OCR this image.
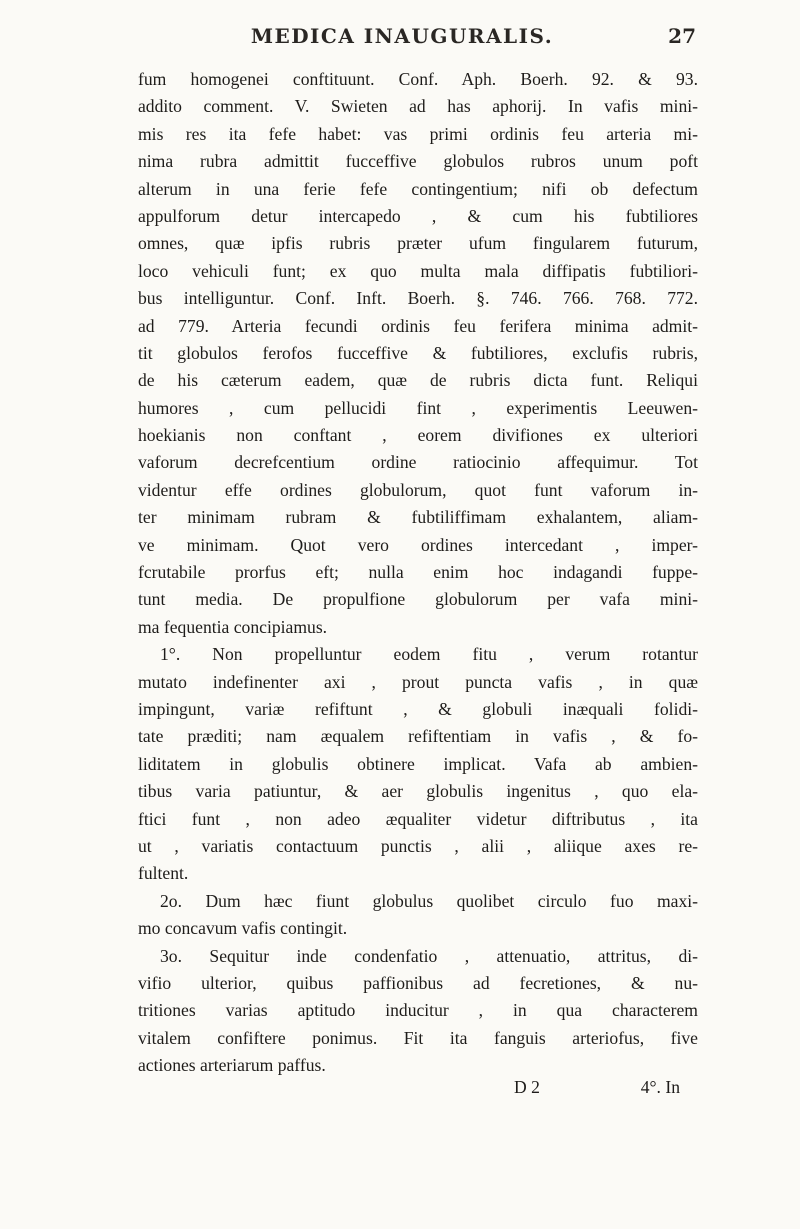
MEDICA INAUGURALIS.	27
fum homogenei conftituunt. Conf. Aph. Boerh. 92. & 93.
addito comment. V. Swieten ad has aphorij. In vafis mini-
mis res ita fefe habet: vas primi ordinis feu arteria mi-
nima rubra admittit fucceffive globulos rubros unum poft
alterum in una ferie fefe contingentium; nifi ob defectum
appulforum detur intercapedo , & cum his fubtiliores
omnes, quæ ipfis rubris præter ufum fingularem futurum,
loco vehiculi funt; ex quo multa mala diffipatis fubtiliori-
bus intelliguntur. Conf. Inft. Boerh. §. 746. 766. 768. 772.
ad 779. Arteria fecundi ordinis feu ferifera minima admit-
tit globulos ferofos fucceffive & fubtiliores, exclufis rubris,
de his cæterum eadem, quæ de rubris dicta funt. Reliqui
humores , cum pellucidi fint , experimentis Leeuwen-
hoekianis non conftant , eorem divifiones ex ulteriori
vaforum decrefcentium ordine ratiocinio affequimur. Tot
videntur effe ordines globulorum, quot funt vaforum in-
ter minimam rubram & fubtiliffimam exhalantem, aliam-
ve minimam. Quot vero ordines intercedant , imper-
fcrutabile prorfus eft; nulla enim hoc indagandi fuppe-
tunt media. De propulfione globulorum per vafa mini-
ma fequentia concipiamus.
1°. Non propelluntur eodem fitu , verum rotantur
mutato indefinenter axi , prout puncta vafis , in quæ
impingunt, variæ refiftunt , & globuli inæquali folidi-
tate præditi; nam æqualem refiftentiam in vafis , & fo-
liditatem in globulis obtinere implicat. Vafa ab ambien-
tibus varia patiuntur, & aer globulis ingenitus , quo ela-
ftici funt , non adeo æqualiter videtur diftributus , ita
ut , variatis contactuum punctis , alii , aliique axes re-
fultent.
2o. Dum hæc fiunt globulus quolibet circulo fuo maxi-
mo concavum vafis contingit.
3o. Sequitur inde condenfatio , attenuatio, attritus, di-
vifio ulterior, quibus paffionibus ad fecretiones, & nu-
tritiones varias aptitudo inducitur , in qua characterem
vitalem confiftere ponimus. Fit ita fanguis arteriofus, five
actiones arteriarum paffus.
D 2	4°. In
